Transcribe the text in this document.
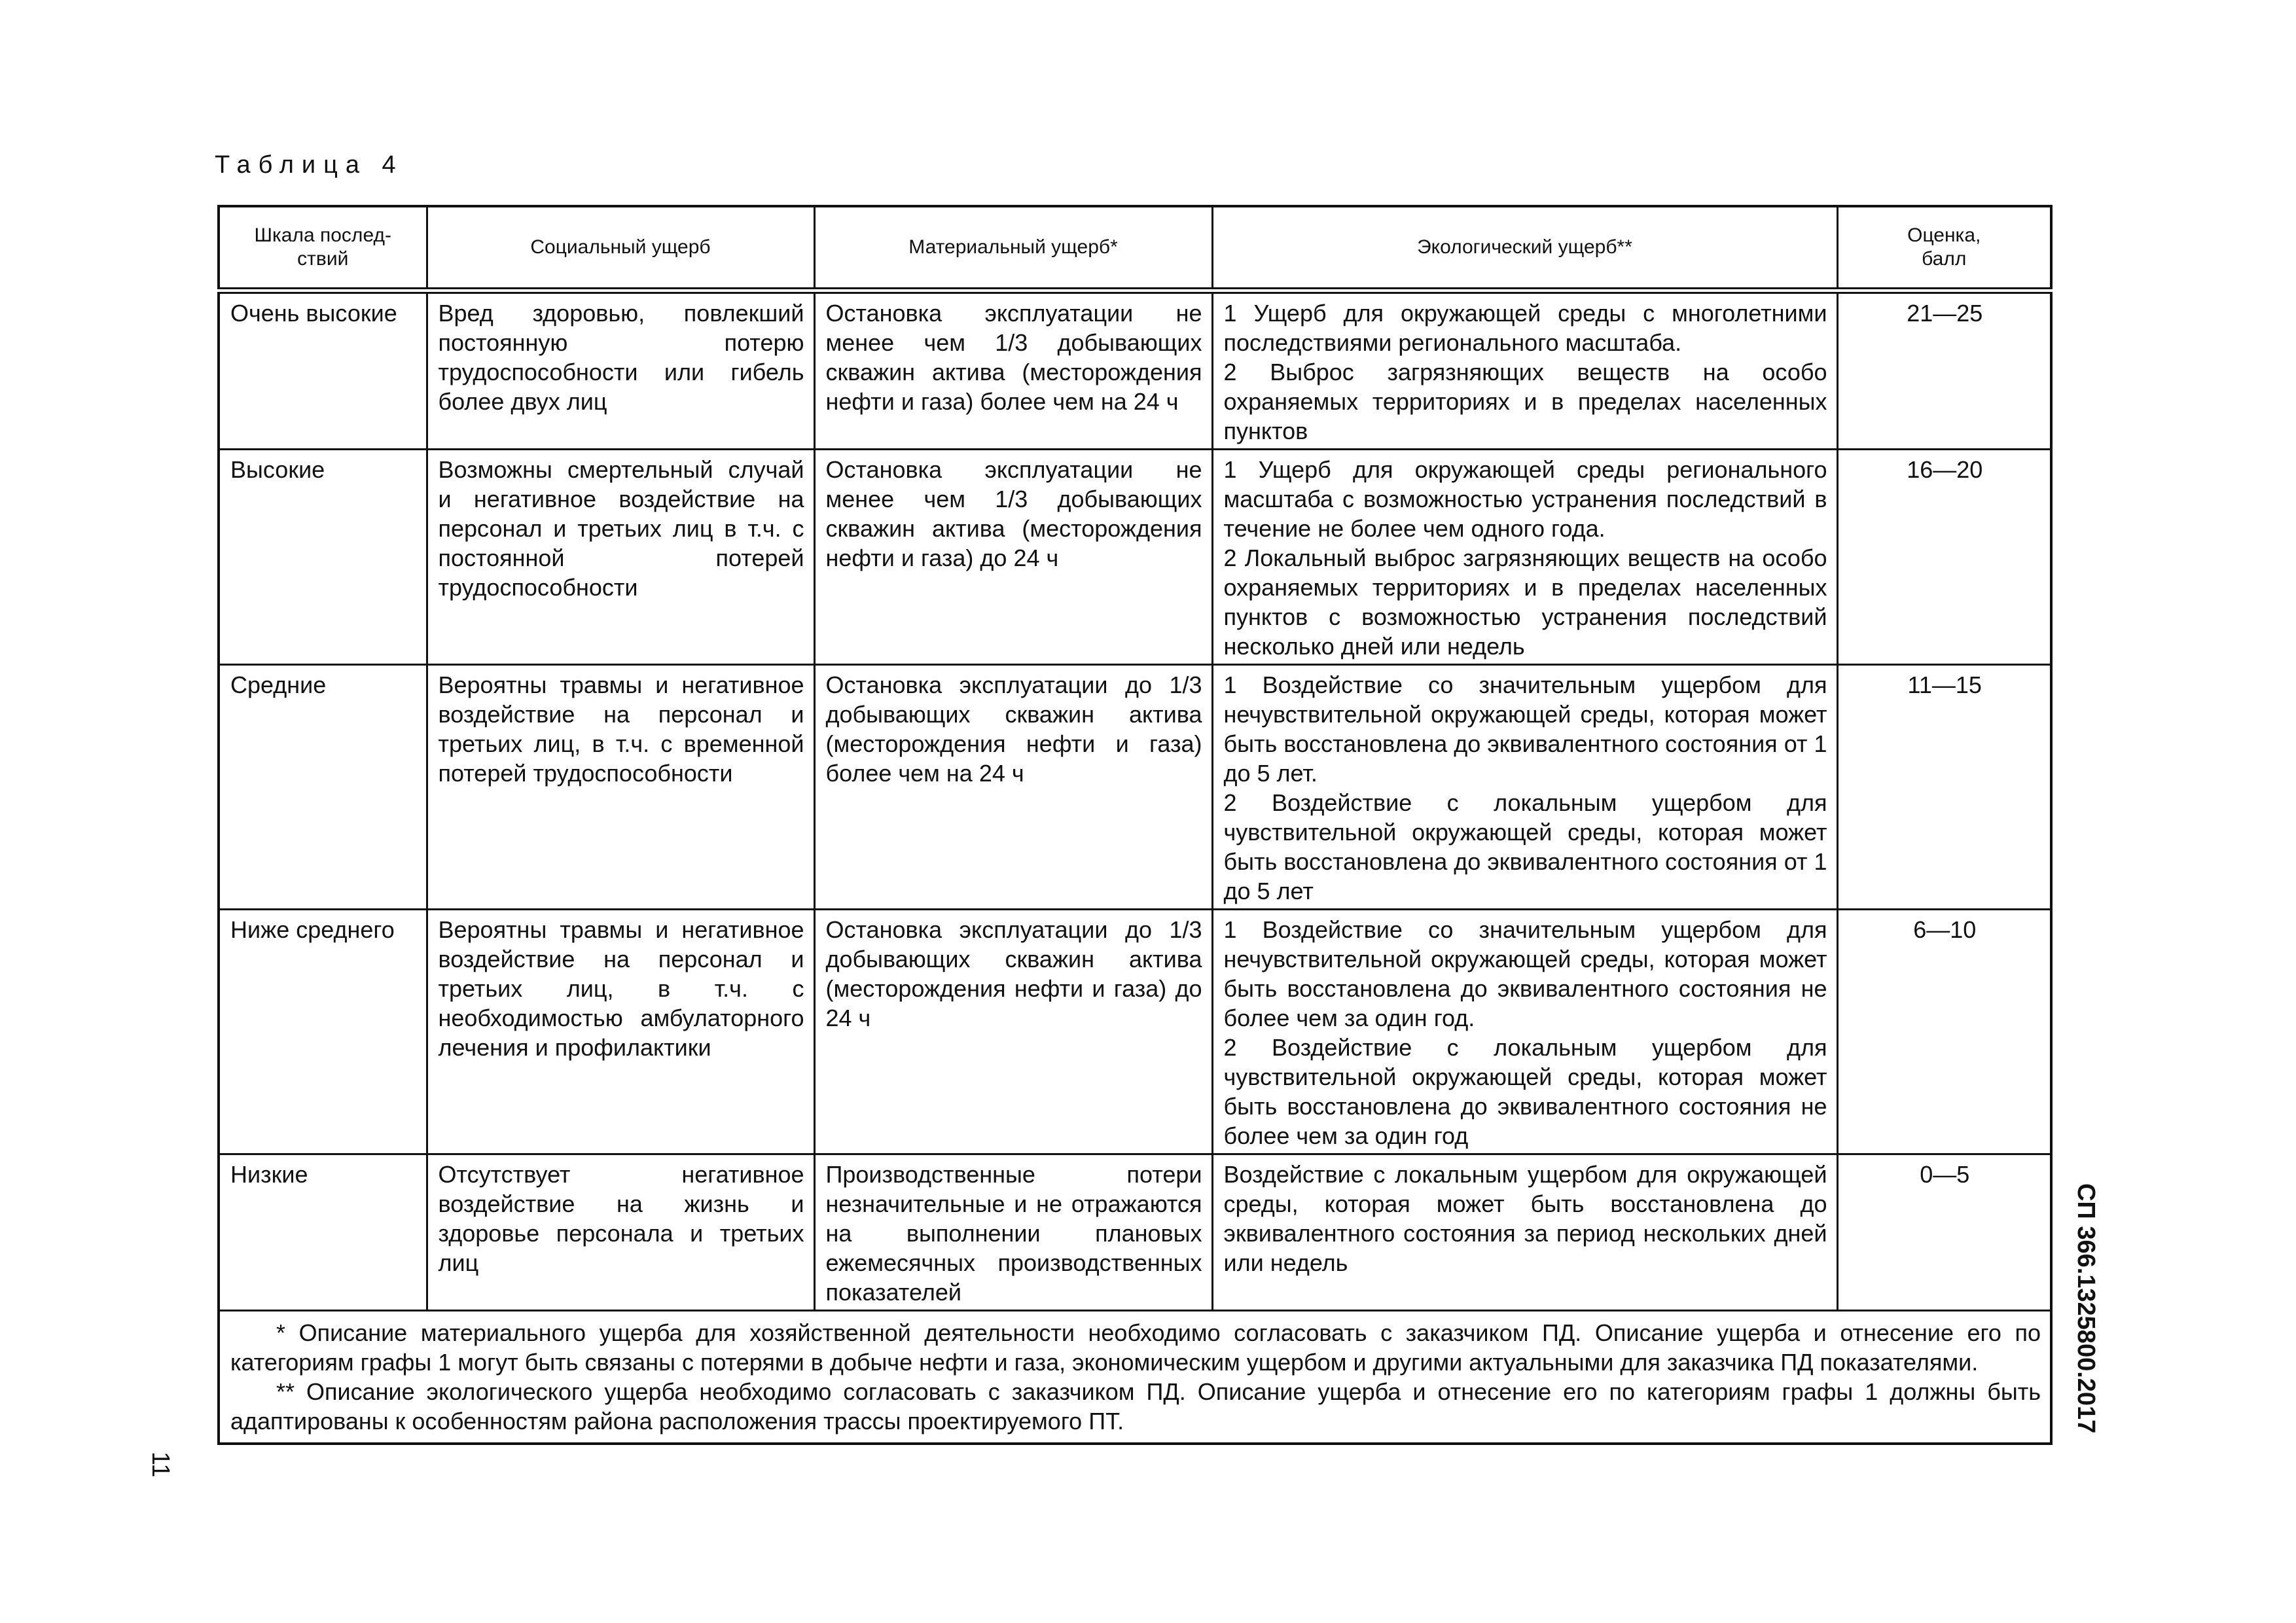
Таблица 4
Шкала послед-
ствий	Социальный ущерб	Материальный ущерб*	Экологический ущерб**	Оценка,
балл
Очень высокие	Вред здоровью, повлекший постоянную потерю трудоспособности или гибель более двух лиц	Остановка эксплуатации не менее чем 1/3 добывающих скважин актива (месторождения нефти и газа) более чем на 24 ч	1 Ущерб для окружающей среды с многолетними последствиями регионального масштаба.
2 Выброс загрязняющих веществ на особо охраняемых территориях и в пределах населенных пунктов	21—25
Высокие	Возможны смертельный случай и негативное воздействие на персонал и третьих лиц в т.ч. с постоянной потерей трудоспособности	Остановка эксплуатации не менее чем 1/3 добывающих скважин актива (месторождения нефти и газа) до 24 ч	1 Ущерб для окружающей среды регионального масштаба с возможностью устранения последствий в течение не более чем одного года.
2 Локальный выброс загрязняющих веществ на особо охраняемых территориях и в пределах населенных пунктов с возможностью устранения последствий несколько дней или недель	16—20
Средние	Вероятны травмы и негативное воздействие на персонал и третьих лиц, в т.ч. с временной потерей трудоспособности	Остановка эксплуатации до 1/3 добывающих скважин актива (месторождения нефти и газа) более чем на 24 ч	1 Воздействие со значительным ущербом для нечувствительной окружающей среды, которая может быть восстановлена до эквивалентного состояния от 1 до 5 лет.
2 Воздействие с локальным ущербом для чувствительной окружающей среды, которая может быть восстановлена до эквивалентного состояния от 1 до 5 лет	11—15
Ниже среднего	Вероятны травмы и негативное воздействие на персонал и третьих лиц, в т.ч. с необходимостью амбулаторного лечения и профилактики	Остановка эксплуатации до 1/3 добывающих скважин актива (месторождения нефти и газа) до 24 ч	1 Воздействие со значительным ущербом для нечувствительной окружающей среды, которая может быть восстановлена до эквивалентного состояния не более чем за один год.
2 Воздействие с локальным ущербом для чувствительной окружающей среды, которая может быть восстановлена до эквивалентного состояния не более чем за один год	6—10
Низкие	Отсутствует негативное воздействие на жизнь и здоровье персонала и третьих лиц	Производственные потери незначительные и не отражаются на выполнении плановых ежемесячных производственных показателей	Воздействие с локальным ущербом для окружающей среды, которая может быть восстановлена до эквивалентного состояния за период нескольких дней или недель	0—5

* Описание материального ущерба для хозяйственной деятельности необходимо согласовать с заказчиком ПД. Описание ущерба и отнесение его по категориям графы 1 могут быть связаны с потерями в добыче нефти и газа, экономическим ущербом и другими актуальными для заказчика ПД показателями.
** Описание экологического ущерба необходимо согласовать с заказчиком ПД. Описание ущерба и отнесение его по категориям графы 1 должны быть адаптированы к особенностям района расположения трассы проектируемого ПТ.				
11
СП 366.1325800.2017
